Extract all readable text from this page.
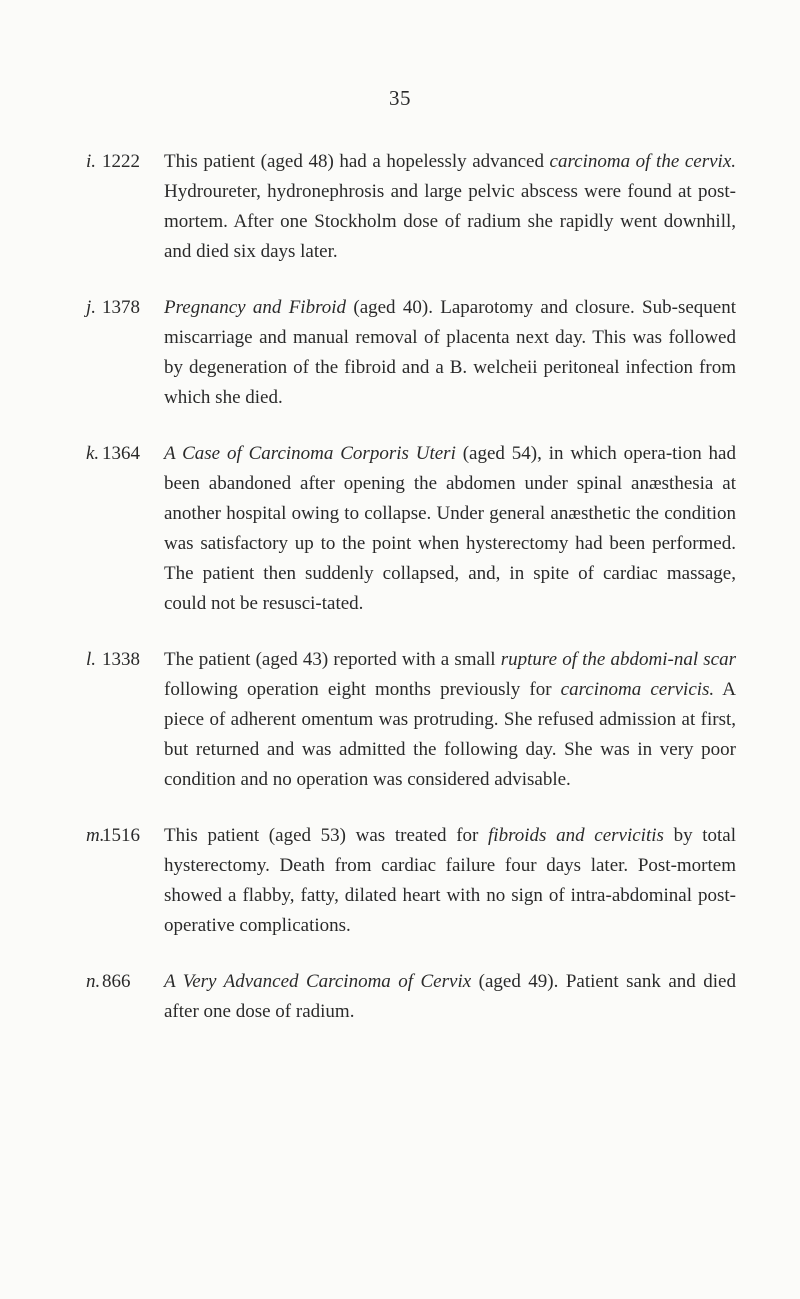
35
i. 1222 This patient (aged 48) had a hopelessly advanced carcinoma of the cervix. Hydroureter, hydronephrosis and large pelvic abscess were found at post-mortem. After one Stockholm dose of radium she rapidly went downhill, and died six days later.
j. 1378 Pregnancy and Fibroid (aged 40). Laparotomy and closure. Sub-sequent miscarriage and manual removal of placenta next day. This was followed by degeneration of the fibroid and a B. welcheii peritoneal infection from which she died.
k. 1364 A Case of Carcinoma Corporis Uteri (aged 54), in which opera-tion had been abandoned after opening the abdomen under spinal anæsthesia at another hospital owing to collapse. Under general anæsthetic the condition was satisfactory up to the point when hysterectomy had been performed. The patient then suddenly collapsed, and, in spite of cardiac massage, could not be resusci-tated.
l. 1338 The patient (aged 43) reported with a small rupture of the abdomi-nal scar following operation eight months previously for carcinoma cervicis. A piece of adherent omentum was protruding. She refused admission at first, but returned and was admitted the following day. She was in very poor condition and no operation was considered advisable.
m.
1516 This patient (aged 53) was treated for fibroids and cervicitis by total hysterectomy. Death from cardiac failure four days later. Post-mortem showed a flabby, fatty, dilated heart with no sign of intra-abdominal post-operative complications.
n. 866 A Very Advanced Carcinoma of Cervix (aged 49). Patient sank and died after one dose of radium.
